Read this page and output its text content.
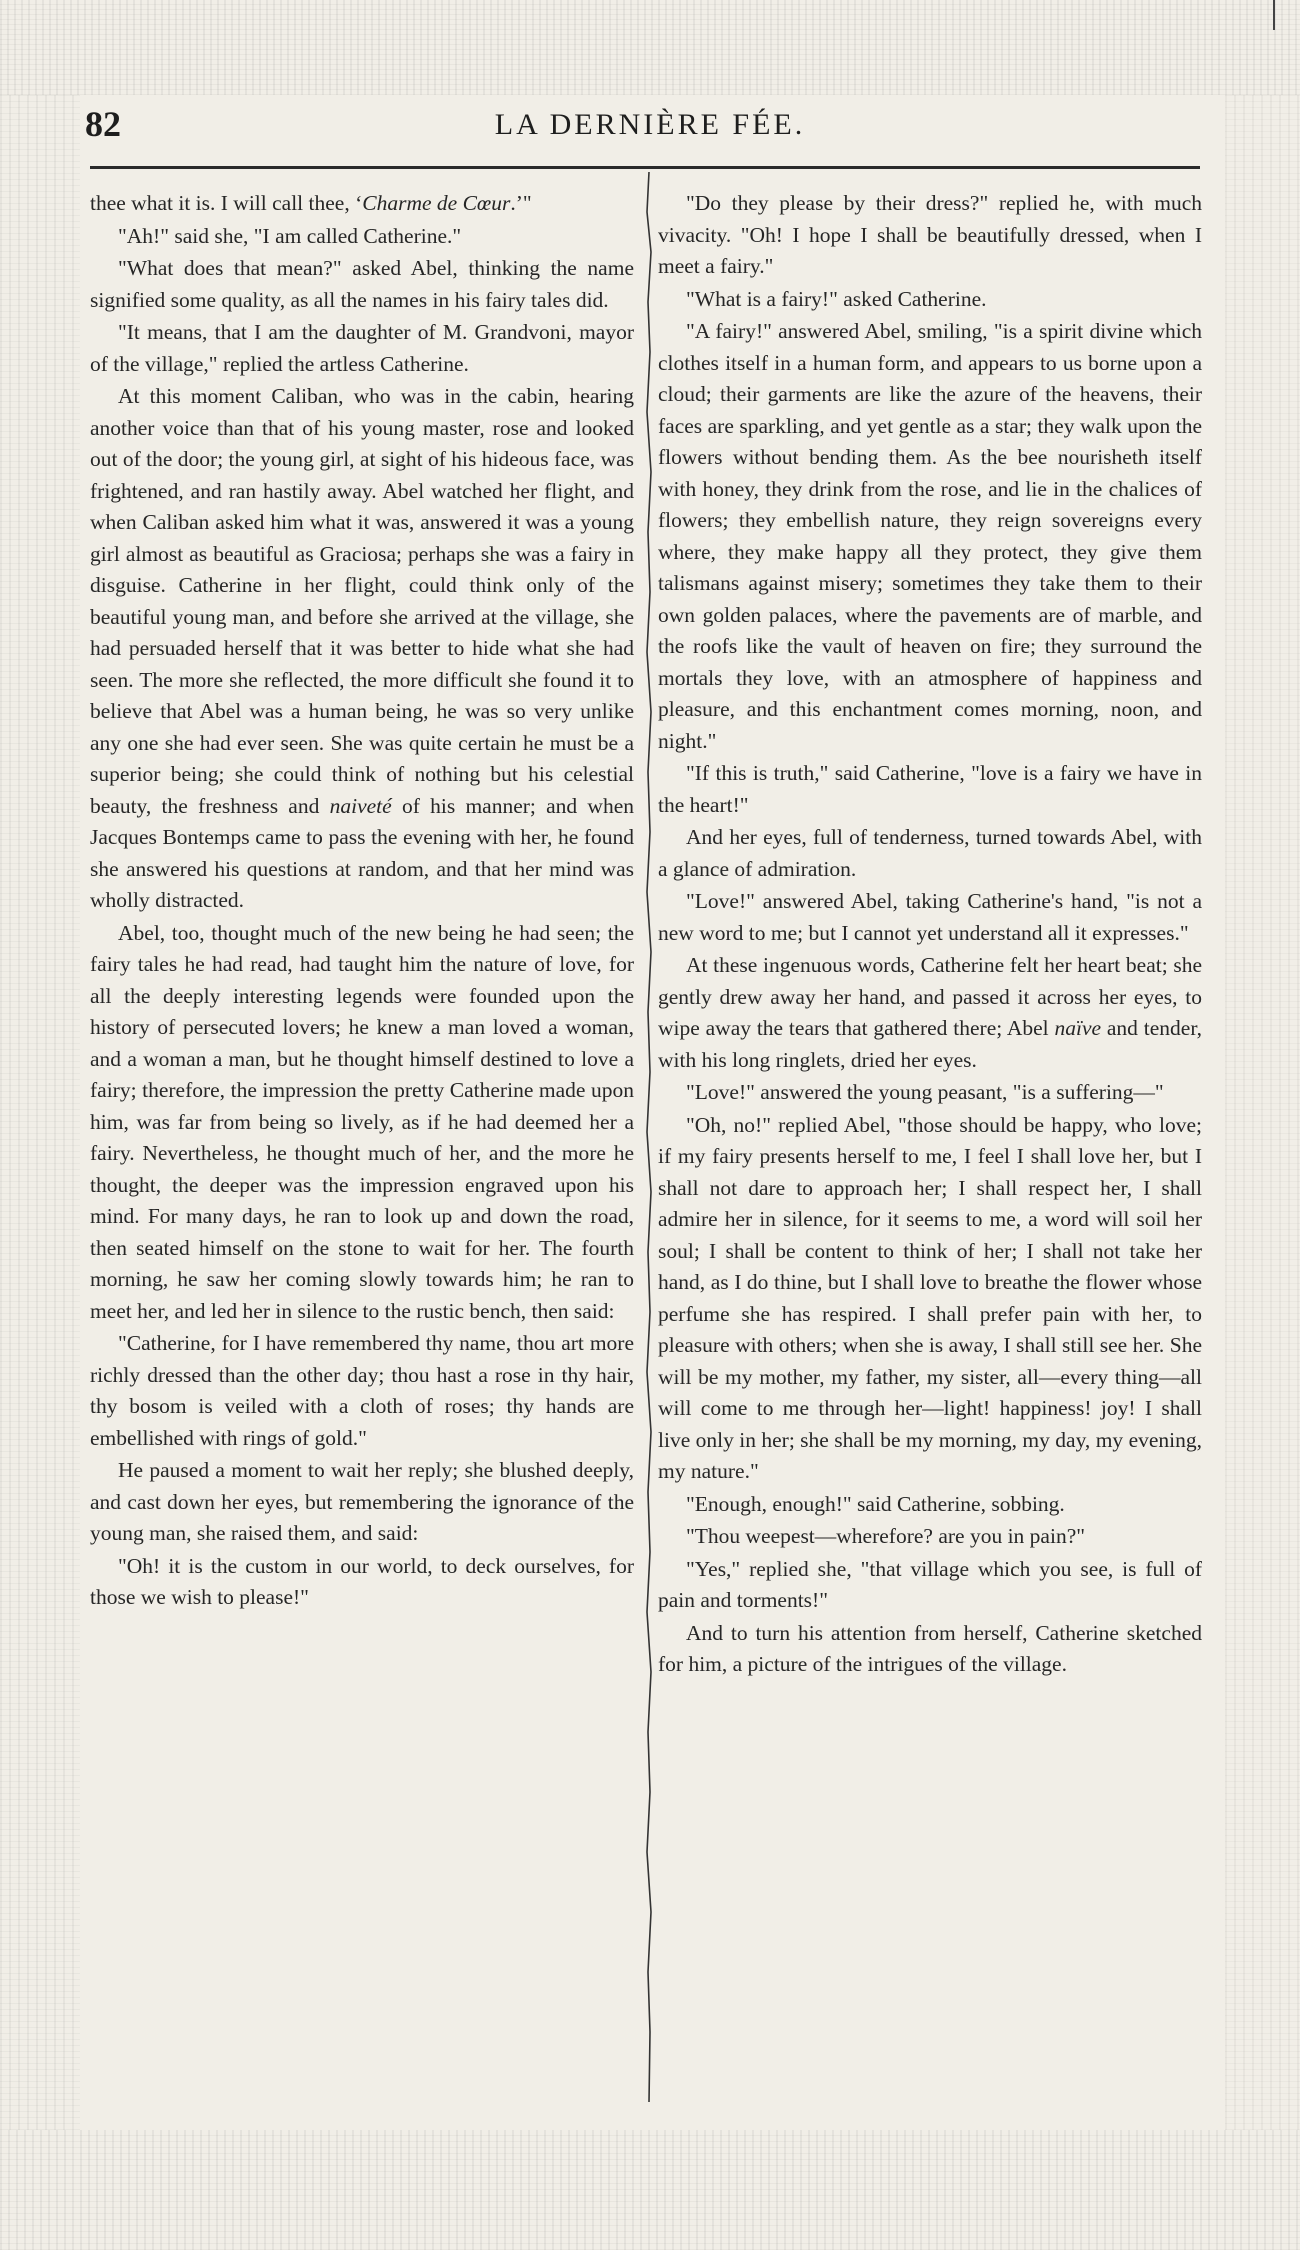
82	LA DERNIÈRE FÉE.

thee what it is. I will call thee, ‘Charme de Cœur.’"

"Ah!" said she, "I am called Catherine."

"What does that mean?" asked Abel, thinking the name signified some quality, as all the names in his fairy tales did.

"It means, that I am the daughter of M. Grandvoni, mayor of the village," replied the artless Catherine.

At this moment Caliban, who was in the cabin, hearing another voice than that of his young master, rose and looked out of the door; the young girl, at sight of his hideous face, was frightened, and ran hastily away. Abel watched her flight, and when Caliban asked him what it was, answered it was a young girl almost as beautiful as Graciosa; perhaps she was a fairy in disguise. Catherine in her flight, could think only of the beautiful young man, and before she arrived at the village, she had persuaded herself that it was better to hide what she had seen. The more she reflected, the more difficult she found it to believe that Abel was a human being, he was so very unlike any one she had ever seen. She was quite certain he must be a superior being; she could think of nothing but his celestial beauty, the freshness and naiveté of his manner; and when Jacques Bontemps came to pass the evening with her, he found she answered his questions at random, and that her mind was wholly distracted.

Abel, too, thought much of the new being he had seen; the fairy tales he had read, had taught him the nature of love, for all the deeply interesting legends were founded upon the history of persecuted lovers; he knew a man loved a woman, and a woman a man, but he thought himself destined to love a fairy; therefore, the impression the pretty Catherine made upon him, was far from being so lively, as if he had deemed her a fairy. Nevertheless, he thought much of her, and the more he thought, the deeper was the impression engraved upon his mind. For many days, he ran to look up and down the road, then seated himself on the stone to wait for her. The fourth morning, he saw her coming slowly towards him; he ran to meet her, and led her in silence to the rustic bench, then said:

"Catherine, for I have remembered thy name, thou art more richly dressed than the other day; thou hast a rose in thy hair, thy bosom is veiled with a cloth of roses; thy hands are embellished with rings of gold."

He paused a moment to wait her reply; she blushed deeply, and cast down her eyes, but remembering the ignorance of the young man, she raised them, and said:

"Oh! it is the custom in our world, to deck ourselves, for those we wish to please!"

"Do they please by their dress?" replied he, with much vivacity. "Oh! I hope I shall be beautifully dressed, when I meet a fairy."

"What is a fairy!" asked Catherine.

"A fairy!" answered Abel, smiling, "is a spirit divine which clothes itself in a human form, and appears to us borne upon a cloud; their garments are like the azure of the heavens, their faces are sparkling, and yet gentle as a star; they walk upon the flowers without bending them. As the bee nourisheth itself with honey, they drink from the rose, and lie in the chalices of flowers; they embellish nature, they reign sovereigns every where, they make happy all they protect, they give them talismans against misery; sometimes they take them to their own golden palaces, where the pavements are of marble, and the roofs like the vault of heaven on fire; they surround the mortals they love, with an atmosphere of happiness and pleasure, and this enchantment comes morning, noon, and night."

"If this is truth," said Catherine, "love is a fairy we have in the heart!"

And her eyes, full of tenderness, turned towards Abel, with a glance of admiration.

"Love!" answered Abel, taking Catherine's hand, "is not a new word to me; but I cannot yet understand all it expresses."

At these ingenuous words, Catherine felt her heart beat; she gently drew away her hand, and passed it across her eyes, to wipe away the tears that gathered there; Abel naïve and tender, with his long ringlets, dried her eyes.

"Love!" answered the young peasant, "is a suffering—"

"Oh, no!" replied Abel, "those should be happy, who love; if my fairy presents herself to me, I feel I shall love her, but I shall not dare to approach her; I shall respect her, I shall admire her in silence, for it seems to me, a word will soil her soul; I shall be content to think of her; I shall not take her hand, as I do thine, but I shall love to breathe the flower whose perfume she has respired. I shall prefer pain with her, to pleasure with others; when she is away, I shall still see her. She will be my mother, my father, my sister, all—every thing—all will come to me through her—light! happiness! joy! I shall live only in her; she shall be my morning, my day, my evening, my nature."

"Enough, enough!" said Catherine, sobbing.

"Thou weepest—wherefore? are you in pain?"

"Yes," replied she, "that village which you see, is full of pain and torments!"

And to turn his attention from herself, Catherine sketched for him, a picture of the intrigues of the village.
